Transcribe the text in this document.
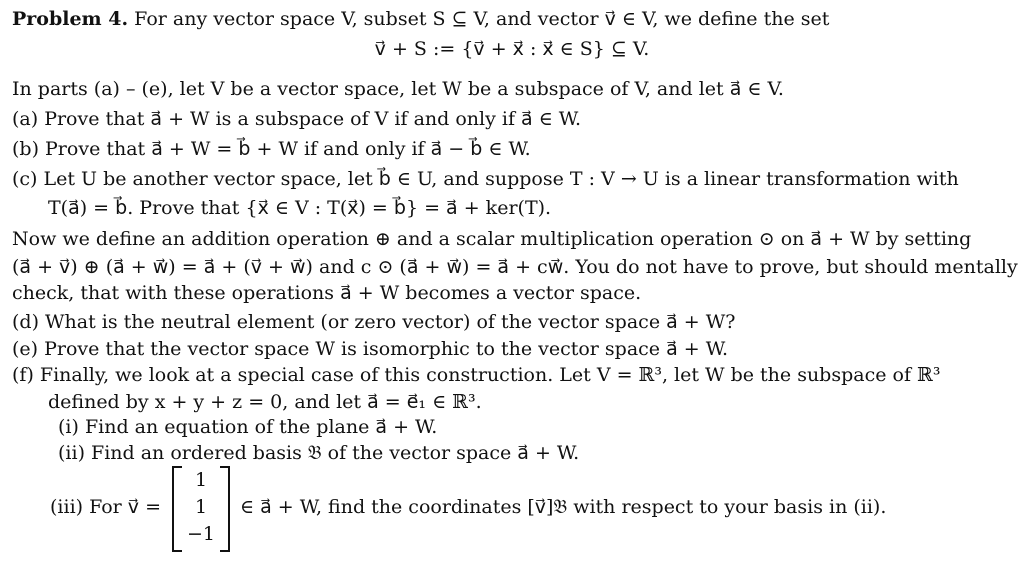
Problem 4. For any vector space V, subset S ⊆ V, and vector v⃗ ∈ V, we define the set
v⃗ + S := {v⃗ + x⃗ : x⃗ ∈ S} ⊆ V.
In parts (a) – (e), let V be a vector space, let W be a subspace of V, and let a⃗ ∈ V.
(a) Prove that a⃗ + W is a subspace of V if and only if a⃗ ∈ W.
(b) Prove that a⃗ + W = b⃗ + W if and only if a⃗ − b⃗ ∈ W.
(c) Let U be another vector space, let b⃗ ∈ U, and suppose T : V → U is a linear transformation with
T(a⃗) = b⃗. Prove that {x⃗ ∈ V : T(x⃗) = b⃗} = a⃗ + ker(T).
Now we define an addition operation ⊕ and a scalar multiplication operation ⊙ on a⃗ + W by setting
(a⃗ + v⃗) ⊕ (a⃗ + w⃗) = a⃗ + (v⃗ + w⃗) and c ⊙ (a⃗ + w⃗) = a⃗ + cw⃗. You do not have to prove, but should mentally
check, that with these operations a⃗ + W becomes a vector space.
(d) What is the neutral element (or zero vector) of the vector space a⃗ + W?
(e) Prove that the vector space W is isomorphic to the vector space a⃗ + W.
(f) Finally, we look at a special case of this construction. Let V = ℝ³, let W be the subspace of ℝ³
defined by x + y + z = 0, and let a⃗ = e⃗₁ ∈ ℝ³.
(i) Find an equation of the plane a⃗ + W.
(ii) Find an ordered basis 𝔅 of the vector space a⃗ + W.
(iii) For v⃗ =
1
1
−1
∈ a⃗ + W, find the coordinates [v⃗]𝔅 with respect to your basis in (ii).
